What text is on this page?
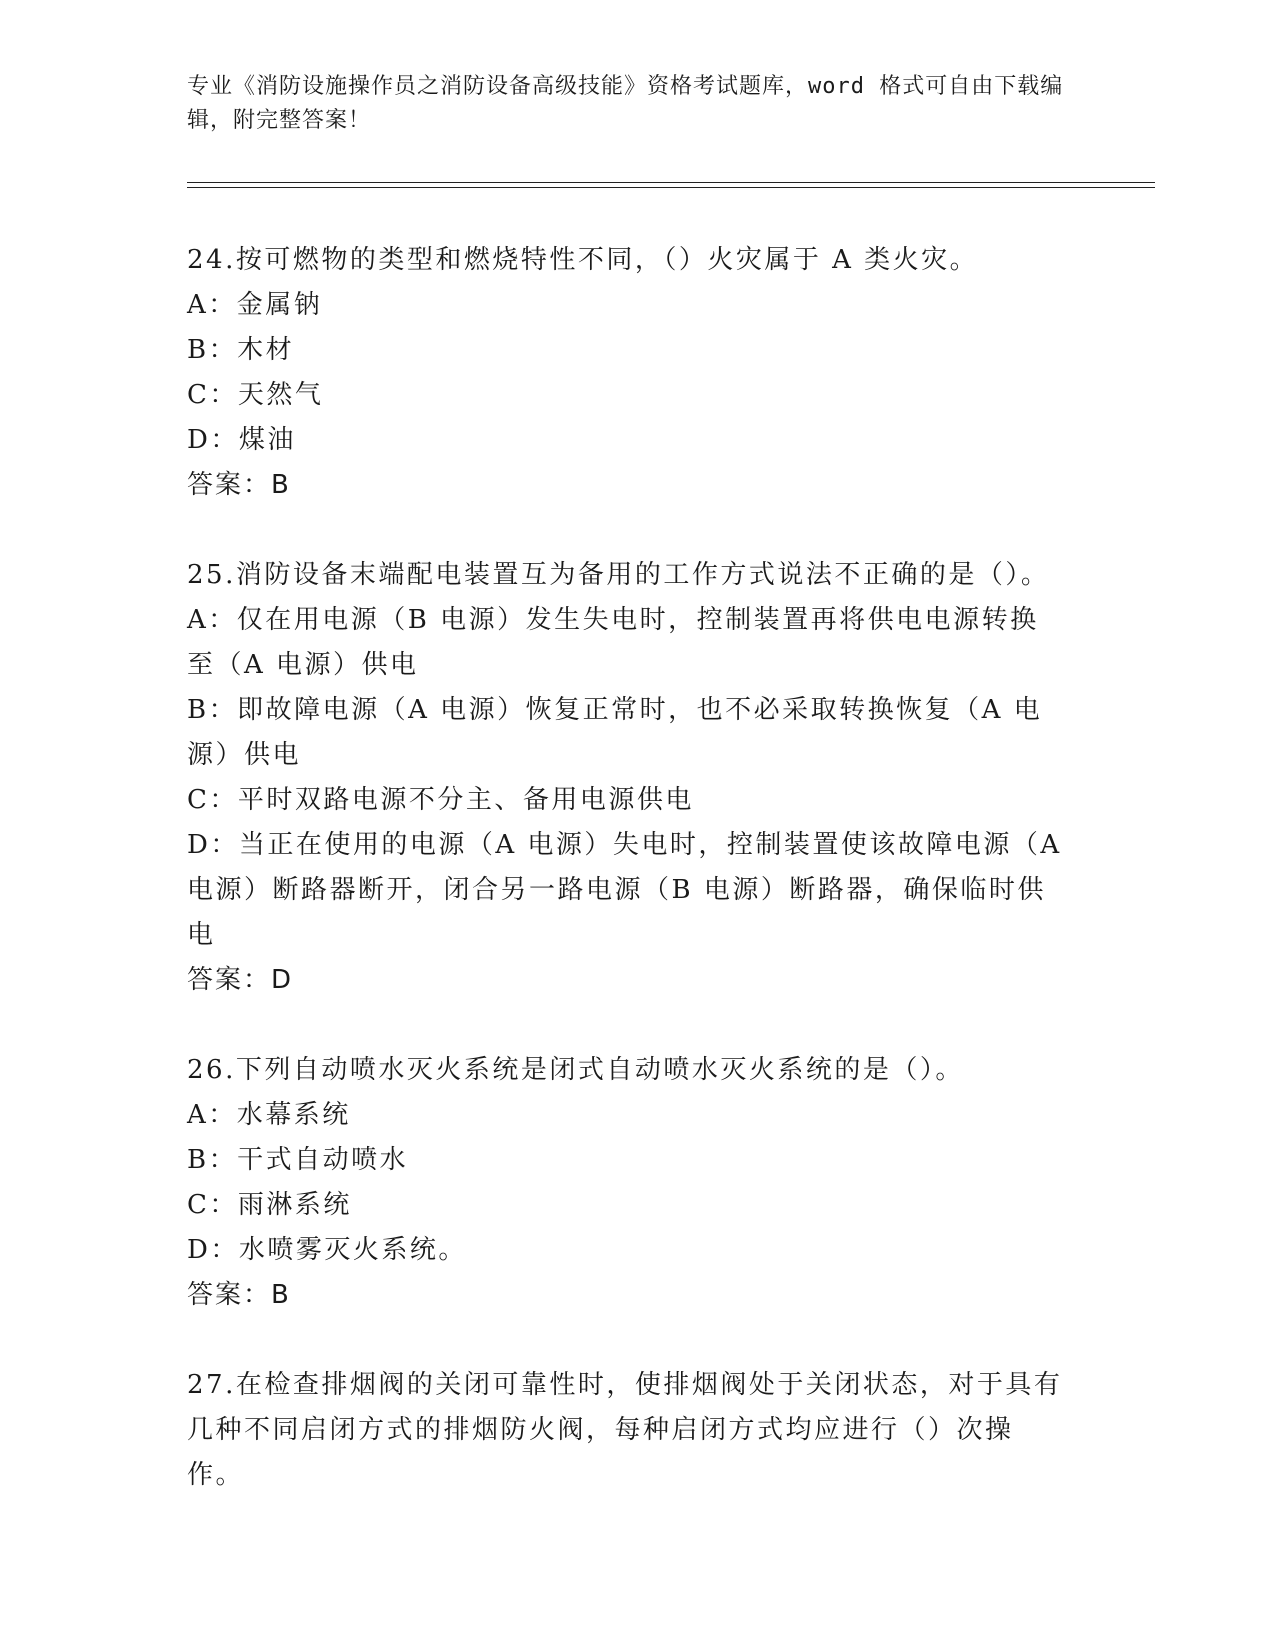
专业《消防设施操作员之消防设备高级技能》资格考试题库，word 格式可自由下载编辑，附完整答案！

24.按可燃物的类型和燃烧特性不同，（）火灾属于 A 类火灾。

A：金属钠

B：木材

C：天然气

D：煤油

答案：B

25.消防设备末端配电装置互为备用的工作方式说法不正确的是（）。

A：仅在用电源（B 电源）发生失电时，控制装置再将供电电源转换至（A 电源）供电

B：即故障电源（A 电源）恢复正常时，也不必采取转换恢复（A 电源）供电

C：平时双路电源不分主、备用电源供电

D：当正在使用的电源（A 电源）失电时，控制装置使该故障电源（A 电源）断路器断开，闭合另一路电源（B 电源）断路器，确保临时供电

答案：D

26.下列自动喷水灭火系统是闭式自动喷水灭火系统的是（）。

A：水幕系统

B：干式自动喷水

C：雨淋系统

D：水喷雾灭火系统。

答案：B

27.在检查排烟阀的关闭可靠性时，使排烟阀处于关闭状态，对于具有几种不同启闭方式的排烟防火阀，每种启闭方式均应进行（）次操作。
